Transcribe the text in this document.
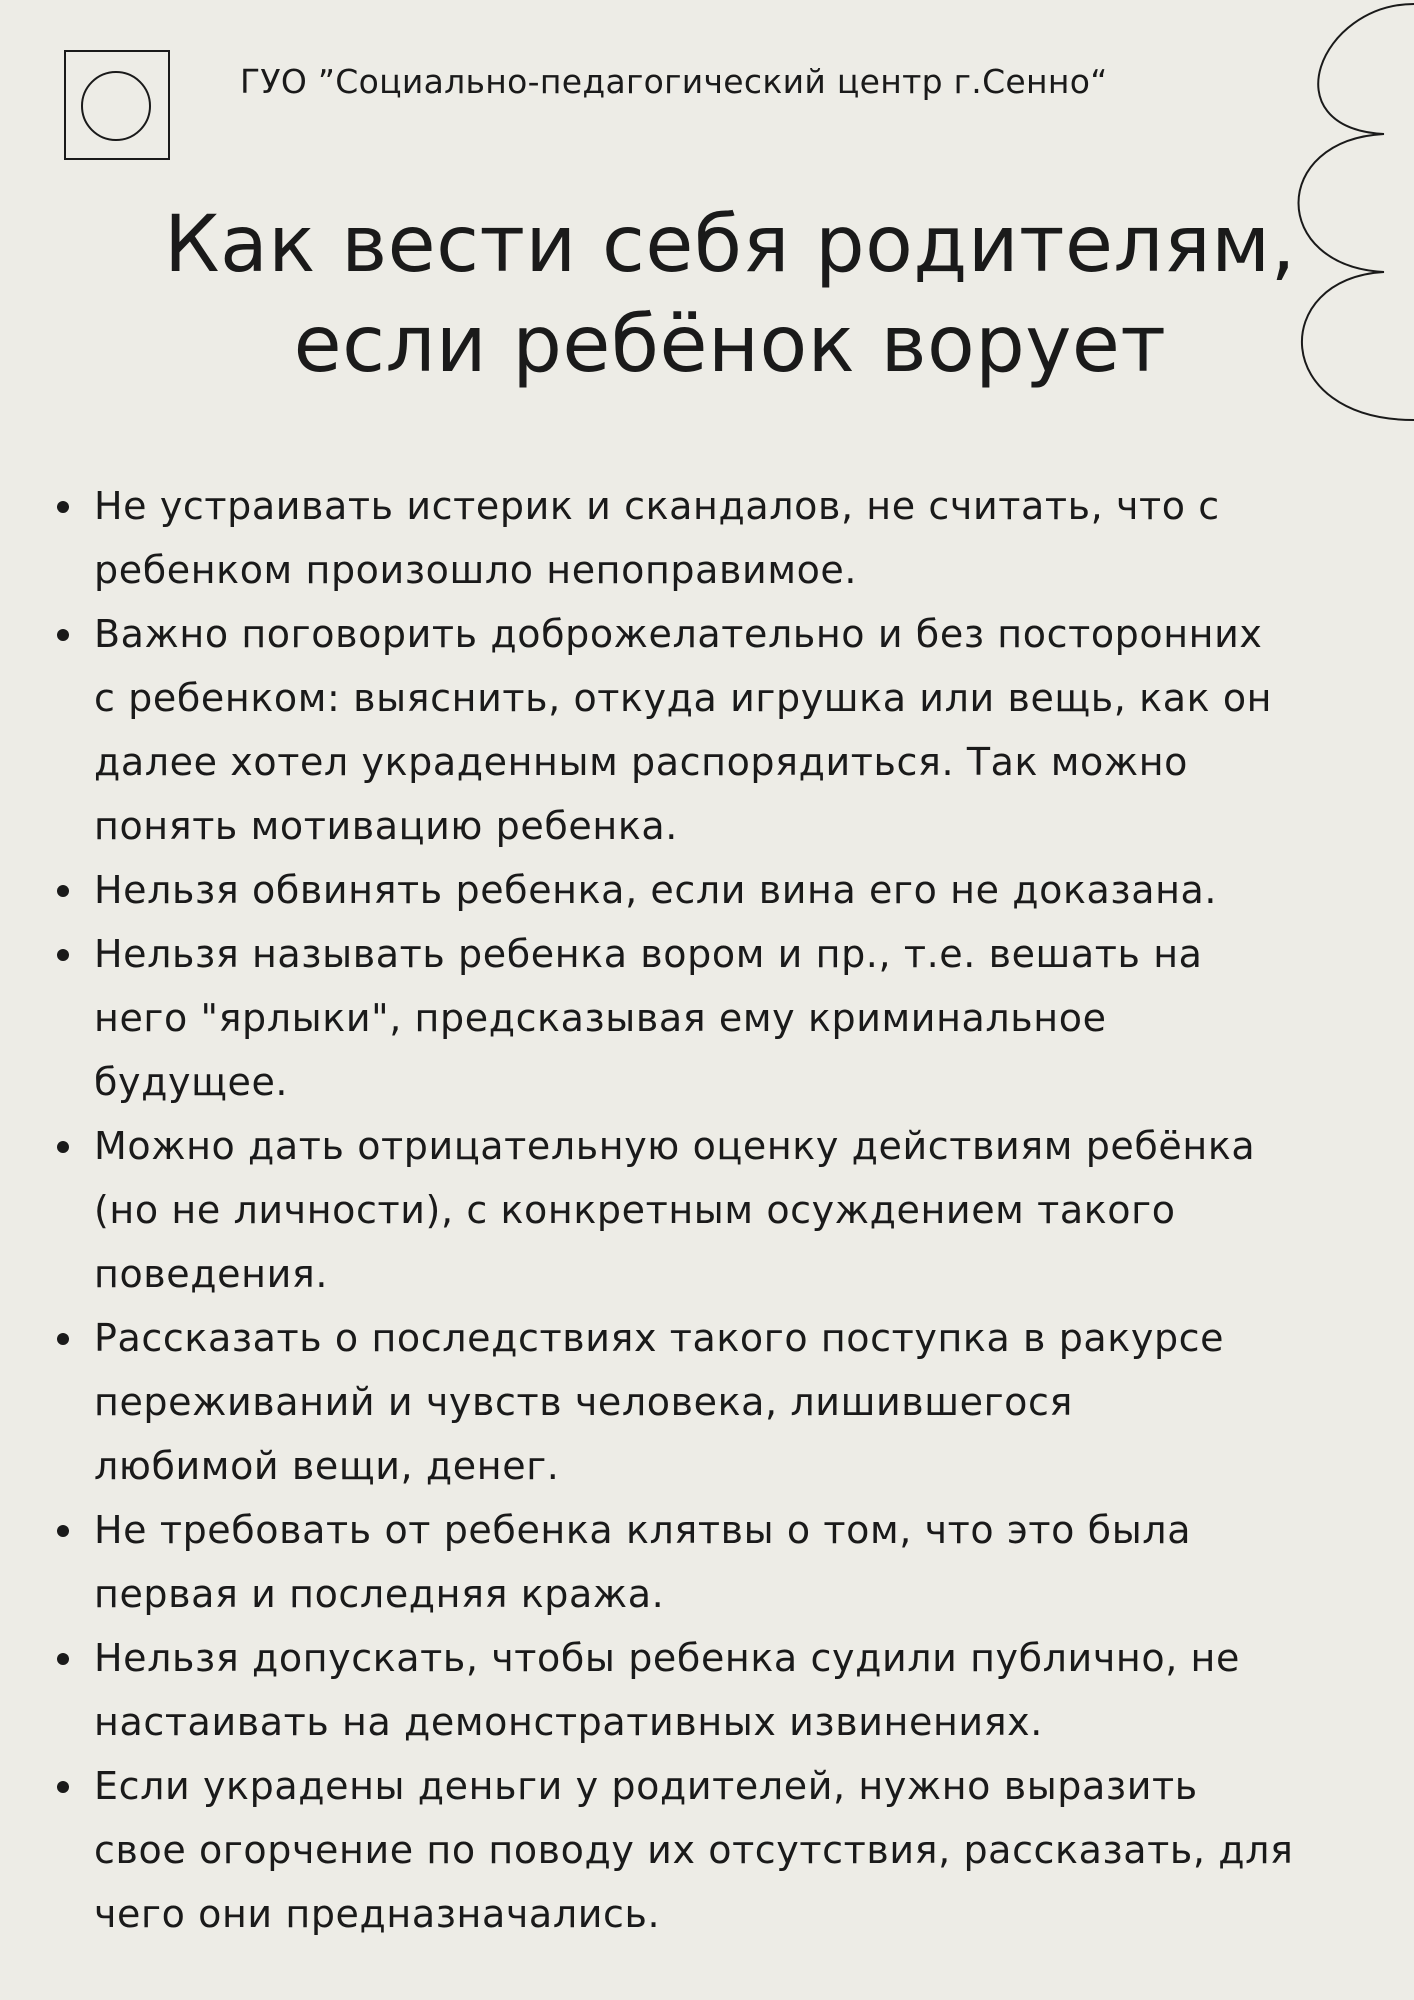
ГУО ”Социально-педагогический центр г.Сенно“
Как вести себя родителям,
если ребёнок ворует
Не устраивать истерик и скандалов, не считать, что с
ребенком произошло непоправимое.
Важно поговорить доброжелательно и без посторонних
с ребенком: выяснить, откуда игрушка или вещь, как он
далее хотел украденным распорядиться. Так можно
понять мотивацию ребенка.
Нельзя обвинять ребенка, если вина его не доказана.
Нельзя называть ребенка вором и пр., т.е. вешать на
него "ярлыки", предсказывая ему криминальное
будущее.
Можно дать отрицательную оценку действиям ребёнка
(но не личности), с конкретным осуждением такого
поведения.
Рассказать о последствиях такого поступка в ракурсе
переживаний и чувств человека, лишившегося
любимой вещи, денег.
Не требовать от ребенка клятвы о том, что это была
первая и последняя кража.
Нельзя допускать, чтобы ребенка судили публично, не
настаивать на демонстративных извинениях.
Если украдены деньги у родителей, нужно выразить
свое огорчение по поводу их отсутствия, рассказать, для
чего они предназначались.
